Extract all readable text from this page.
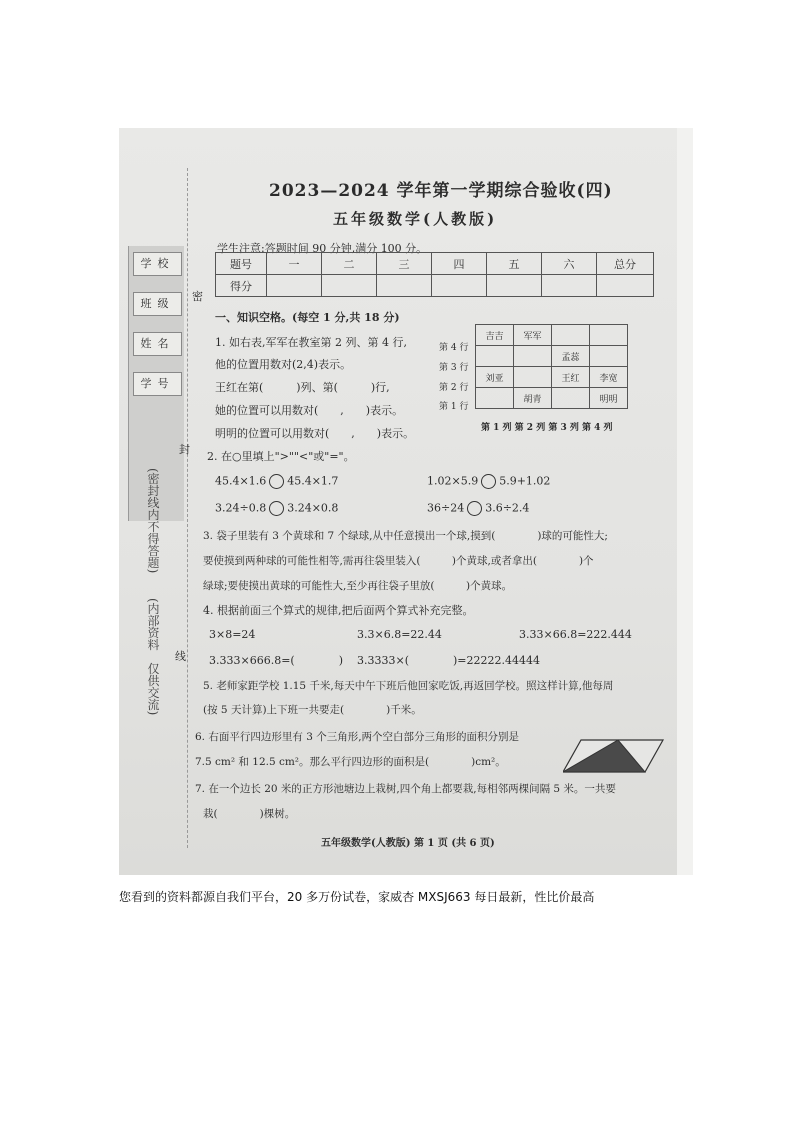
学校
班级
姓名
学号
(密封线内不得答题)
(内部资料　仅供交流)
密
封
线
2023—2024 学年第一学期综合验收(四)
五年级数学(人教版)
学生注意:答题时间 90 分钟,满分 100 分。
题号	一	二	三	四	五	六	总分
得分							
一、知识空格。(每空 1 分,共 18 分)
1. 如右表,军军在教室第 2 列、第 4 行,
他的位置用数对(2,4)表示。
王红在第(　　　)列、第(　　　)行,
她的位置可以用数对(　　,　　)表示。
明明的位置可以用数对(　　,　　)表示。
第 4 行
第 3 行
第 2 行
第 1 行
吉吉	军军		
		孟蕊	
刘亚		王红	李宽
	胡青		明明
第 1 列 第 2 列 第 3 列 第 4 列
2. 在○里填上">""<"或"="。
45.4×1.6 45.4×1.7	1.02×5.9 5.9+1.02
3.24÷0.8 3.24×0.8	36÷24 3.6÷2.4
3. 袋子里装有 3 个黄球和 7 个绿球,从中任意摸出一个球,摸到(　　　　)球的可能性大;
要使摸到两种球的可能性相等,需再往袋里装入(　　　)个黄球,或者拿出(　　　　)个
绿球;要使摸出黄球的可能性大,至少再往袋子里放(　　　)个黄球。
4. 根据前面三个算式的规律,把后面两个算式补充完整。
3×8=24	3.3×6.8=22.44	3.33×66.8=222.444
3.333×666.8=(　　　　) 3.3333×(　　　　)=22222.44444
5. 老师家距学校 1.15 千米,每天中午下班后他回家吃饭,再返回学校。照这样计算,他每周
(按 5 天计算)上下班一共要走(　　　　)千米。
6. 右面平行四边形里有 3 个三角形,两个空白部分三角形的面积分别是
7.5 cm² 和 12.5 cm²。那么平行四边形的面积是(　　　　)cm²。
7. 在一个边长 20 米的正方形池塘边上栽树,四个角上都要栽,每相邻两棵间隔 5 米。一共要
栽(　　　　)棵树。
五年级数学(人教版) 第 1 页 (共 6 页)
您看到的资料都源自我们平台，20 多万份试卷，家威杏 MXSJ663 每日最新，性比价最高
